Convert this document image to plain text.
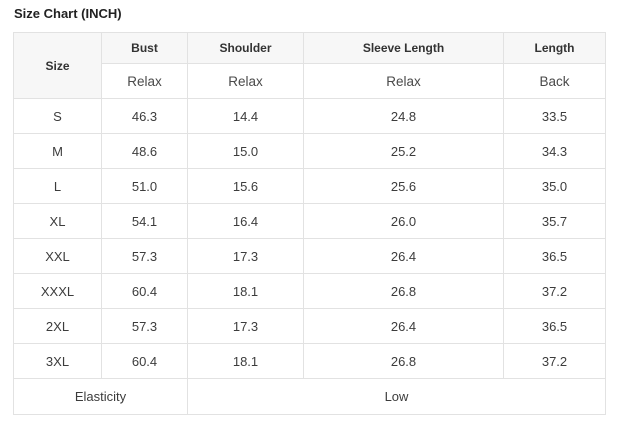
Size Chart (INCH)
Size	Bust	Shoulder	Sleeve Length	Length
	Relax	Relax	Relax	Back
S	46.3	14.4	24.8	33.5
M	48.6	15.0	25.2	34.3
L	51.0	15.6	25.6	35.0
XL	54.1	16.4	26.0	35.7
XXL	57.3	17.3	26.4	36.5
XXXL	60.4	18.1	26.8	37.2
2XL	57.3	17.3	26.4	36.5
3XL	60.4	18.1	26.8	37.2
Elasticity		Low		
